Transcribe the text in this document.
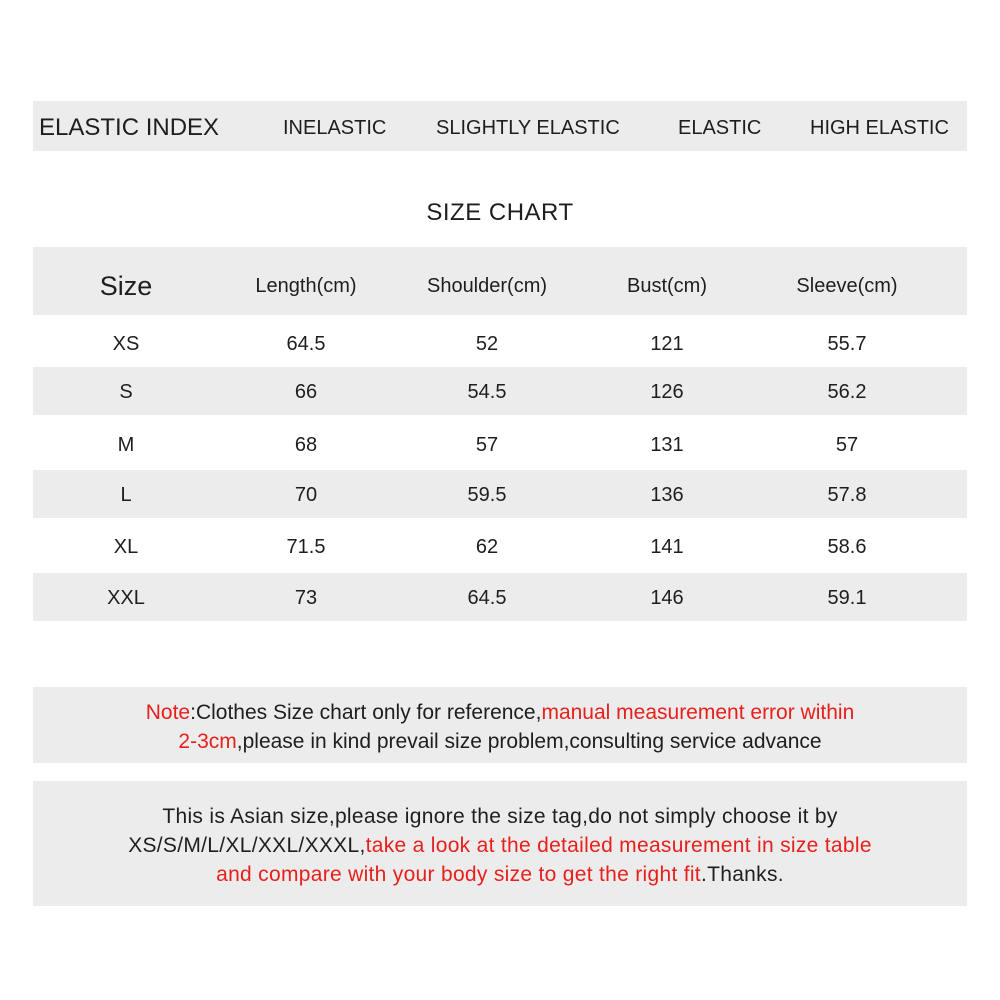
ELASTIC INDEX	INELASTIC SLIGHTLY ELASTIC	ELASTIC HIGH ELASTIC
SIZE CHART
Size	Length(cm)	Shoulder(cm)	Bust(cm)	Sleeve(cm)
XS	64.5	52	121	55.7
S	66	54.5	126	56.2
M	68	57	131	57
L	70	59.5	136	57.8
XL	71.5	62	141	58.6
XXL	73	64.5	146	59.1
Note:Clothes Size chart only for reference,manual measurement error within
2-3cm,please in kind prevail size problem,consulting service advance
This is Asian size,please ignore the size tag,do not simply choose it by
XS/S/M/L/XL/XXL/XXXL,take a look at the detailed measurement in size table
and compare with your body size to get the right fit.Thanks.
